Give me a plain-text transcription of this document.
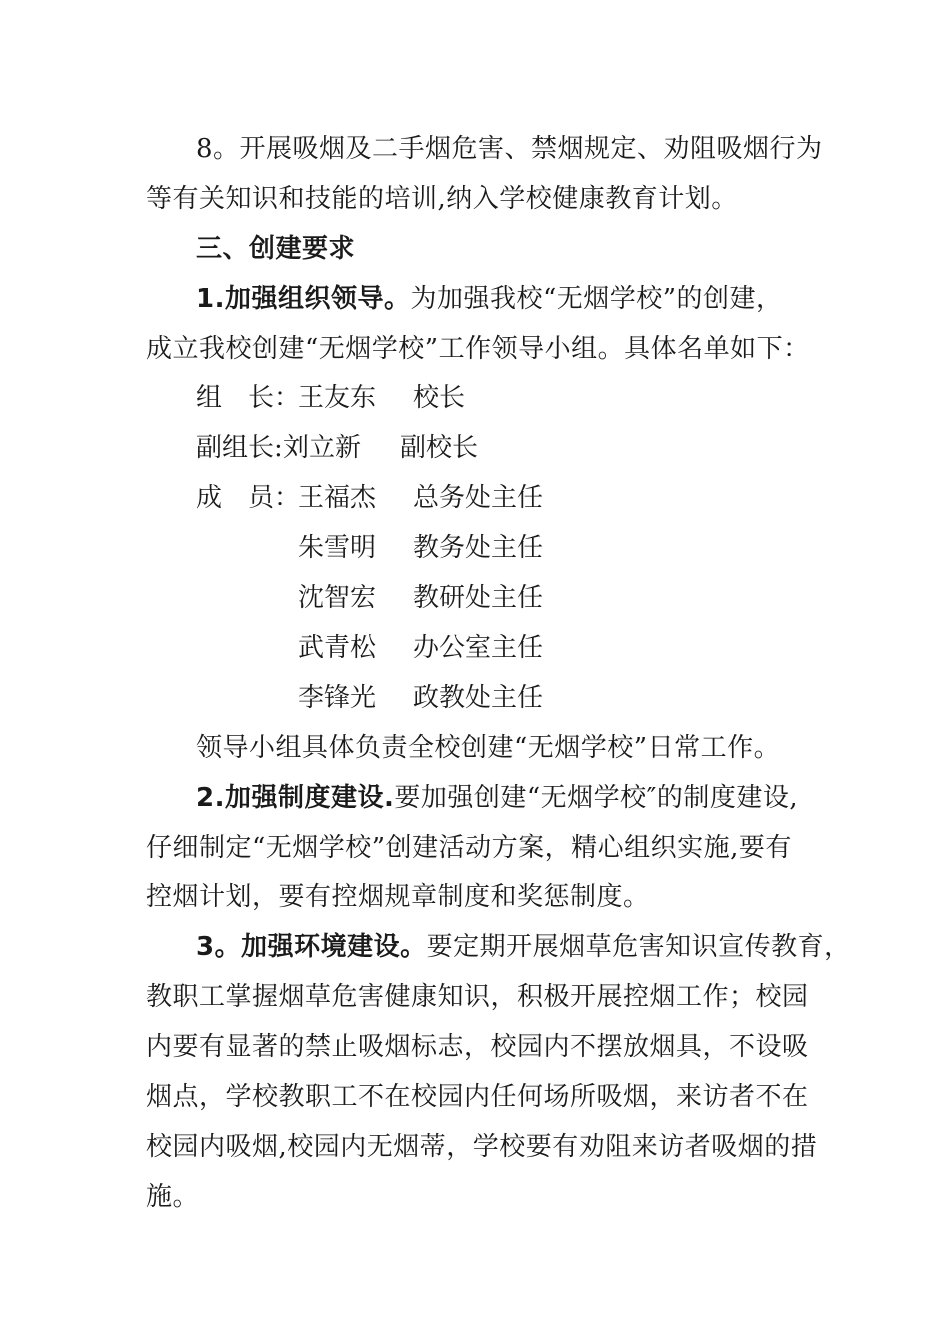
8。开展吸烟及二手烟危害、禁烟规定、劝阻吸烟行为
等有关知识和技能的培训,纳入学校健康教育计划。
三、创建要求
1.加强组织领导。为加强我校“无烟学校”的创建，
成立我校创建“无烟学校”工作领导小组。具体名单如下：
组　长：
王友东 校长
副组长: 刘立新 副校长
成　员：
王福杰 总务处主任
朱雪明 教务处主任
沈智宏 教研处主任
武青松 办公室主任
李锋光 政教处主任
领导小组具体负责全校创建“无烟学校”日常工作。
2.加强制度建设.要加强创建“无烟学校″的制度建设,
仔细制定“无烟学校”创建活动方案，精心组织实施,要有
控烟计划，要有控烟规章制度和奖惩制度。
3。加强环境建设。要定期开展烟草危害知识宣传教育，
教职工掌握烟草危害健康知识，积极开展控烟工作；校园
内要有显著的禁止吸烟标志，校园内不摆放烟具，不设吸
烟点，学校教职工不在校园内任何场所吸烟，来访者不在
校园内吸烟,校园内无烟蒂，学校要有劝阻来访者吸烟的措
施。
